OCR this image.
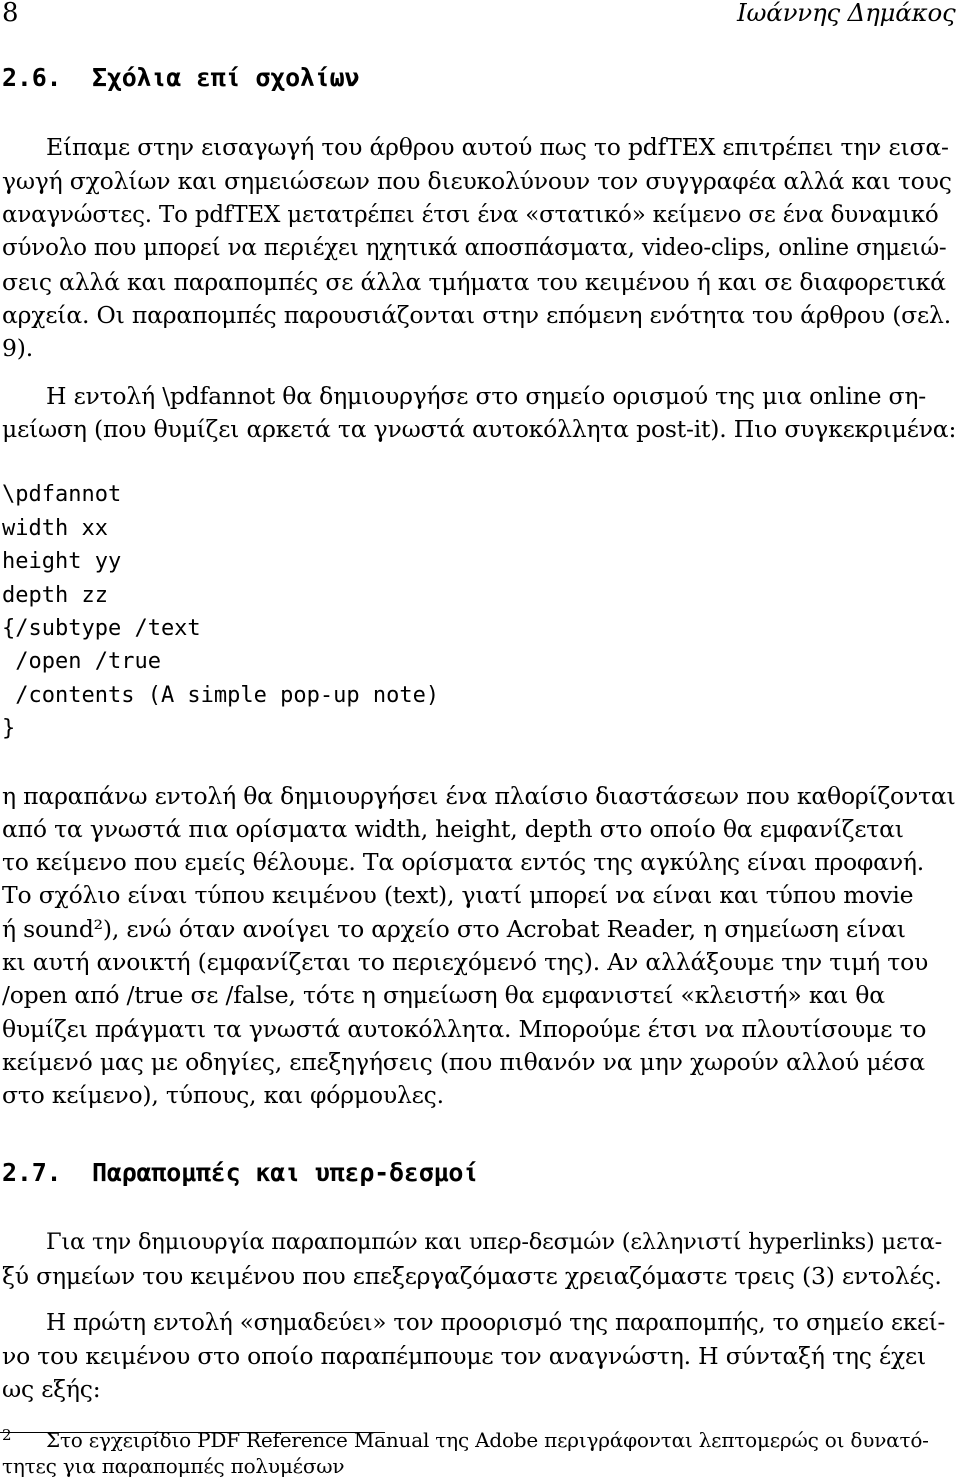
8	Ιωάννης Δημάκος
2.6. Σχόλια επί σχολίων
Είπαμε στην εισαγωγή του άρθρου αυτού πως το pdfTEX επιτρέπει την εισα-
γωγή σχολίων και σημειώσεων που διευκολύνουν τον συγγραφέα αλλά και τους
αναγνώστες. Το pdfTEX μετατρέπει έτσι ένα «στατικό» κείμενο σε ένα δυναμικό
σύνολο που μπορεί να περιέχει ηχητικά αποσπάσματα, video-clips, online σημειώ-
σεις αλλά και παραπομπές σε άλλα τμήματα του κειμένου ή και σε διαφορετικά
αρχεία. Οι παραπομπές παρουσιάζονται στην επόμενη ενότητα του άρθρου (σελ.
9).
Η εντολή \pdfannot θα δημιουργήσε στο σημείο ορισμού της μια online ση-
μείωση (που θυμίζει αρκετά τα γνωστά αυτοκόλλητα post-it). Πιο συγκεκριμένα:
\pdfannot
width xx
height yy
depth zz
{/subtype /text
/open /true
/contents (A simple pop-up note)
}
η παραπάνω εντολή θα δημιουργήσει ένα πλαίσιο διαστάσεων που καθορίζονται
από τα γνωστά πια ορίσματα width, height, depth στο οποίο θα εμφανίζεται
το κείμενο που εμείς θέλουμε. Τα ορίσματα εντός της αγκύλης είναι προφανή.
Το σχόλιο είναι τύπου κειμένου (text), γιατί μπορεί να είναι και τύπου movie
ή sound²), ενώ όταν ανοίγει το αρχείο στο Acrobat Reader, η σημείωση είναι
κι αυτή ανοικτή (εμφανίζεται το περιεχόμενό της). Αν αλλάξουμε την τιμή του
/open από /true σε /false, τότε η σημείωση θα εμφανιστεί «κλειστή» και θα
θυμίζει πράγματι τα γνωστά αυτοκόλλητα. Μπορούμε έτσι να πλουτίσουμε το
κείμενό μας με οδηγίες, επεξηγήσεις (που πιθανόν να μην χωρούν αλλού μέσα
στο κείμενο), τύπους, και φόρμουλες.
2.7. Παραπομπές και υπερ-δεσμοί
Για την δημιουργία παραπομπών και υπερ-δεσμών (ελληνιστί hyperlinks) μετα-
ξύ σημείων του κειμένου που επεξεργαζόμαστε χρειαζόμαστε τρεις (3) εντολές.
Η πρώτη εντολή «σημαδεύει» τον προορισμό της παραπομπής, το σημείο εκεί-
νο του κειμένου στο οποίο παραπέμπουμε τον αναγνώστη. Η σύνταξή της έχει
ως εξής:
2 Στο εγχειρίδιο PDF Reference Manual της Adobe περιγράφονται λεπτομερώς οι δυνατό-
τητες για παραπομπές πολυμέσων
